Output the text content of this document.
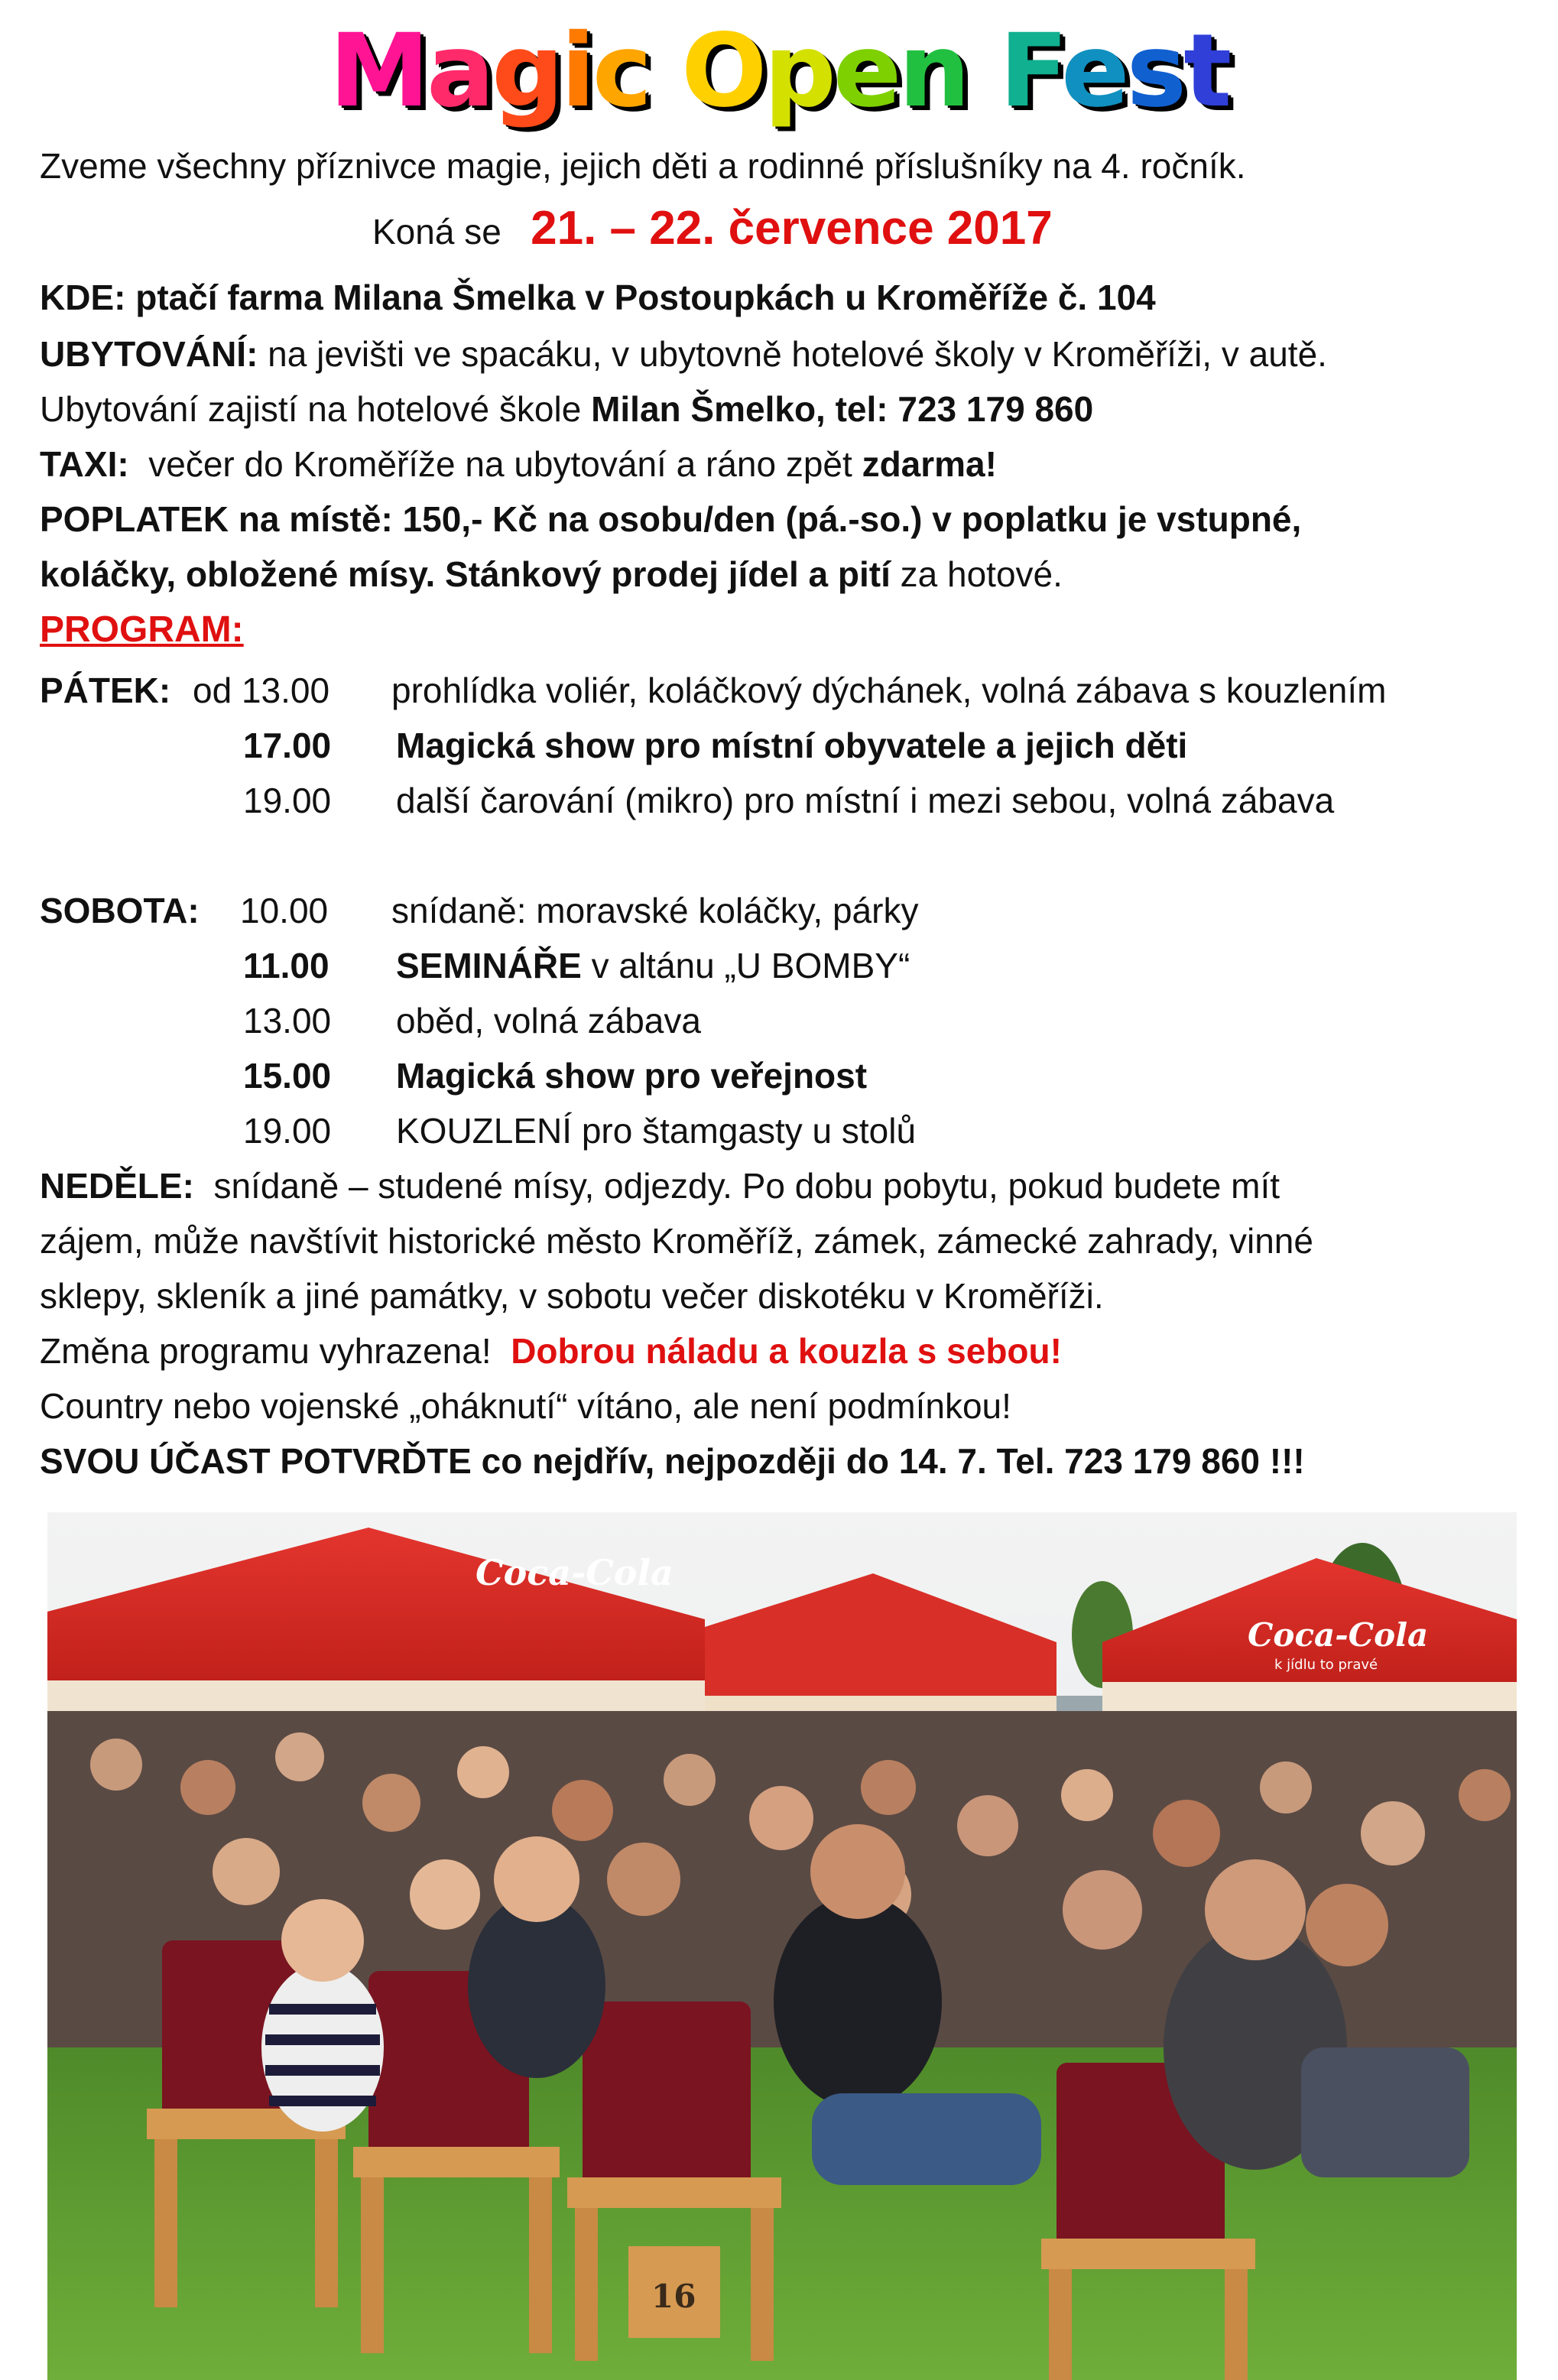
Magic Open Fest
Zveme všechny příznivce magie, jejich děti a rodinné příslušníky na 4. ročník.
Koná se 21. – 22. července 2017
KDE: ptačí farma Milana Šmelka v Postoupkách u Kroměříže č. 104
UBYTOVÁNÍ: na jevišti ve spacáku, v ubytovně hotelové školy v Kroměříži, v autě.
Ubytování zajistí na hotelové škole Milan Šmelko, tel: 723 179 860
TAXI: večer do Kroměříže na ubytování a ráno zpět zdarma!
POPLATEK na místě: 150,- Kč na osobu/den (pá.-so.) v poplatku je vstupné,
koláčky, obložené mísy. Stánkový prodej jídel a pití za hotové.
PROGRAM:
PÁTEK: od 13.00 prohlídka voliér, koláčkový dýchánek, volná zábava s kouzlením
17.00 Magická show pro místní obyvatele a jejich děti
19.00 další čarování (mikro) pro místní i mezi sebou, volná zábava
SOBOTA: 10.00 snídaně: moravské koláčky, párky
11.00 SEMINÁŘE v altánu „U BOMBY“
13.00 oběd, volná zábava
15.00 Magická show pro veřejnost
19.00 KOUZLENÍ pro štamgasty u stolů
NEDĚLE: snídaně – studené mísy, odjezdy. Po dobu pobytu, pokud budete mít
zájem, může navštívit historické město Kroměříž, zámek, zámecké zahrady, vinné
sklepy, skleník a jiné památky, v sobotu večer diskotéku v Kroměříži.
Změna programu vyhrazena! Dobrou náladu a kouzla s sebou!
Country nebo vojenské „oháknutí“ vítáno, ale není podmínkou!
SVOU ÚČAST POTVRĎTE co nejdřív, nejpozději do 14. 7. Tel. 723 179 860 !!!
Coca-Cola
Coca-Cola
k jídlu to pravé
16
